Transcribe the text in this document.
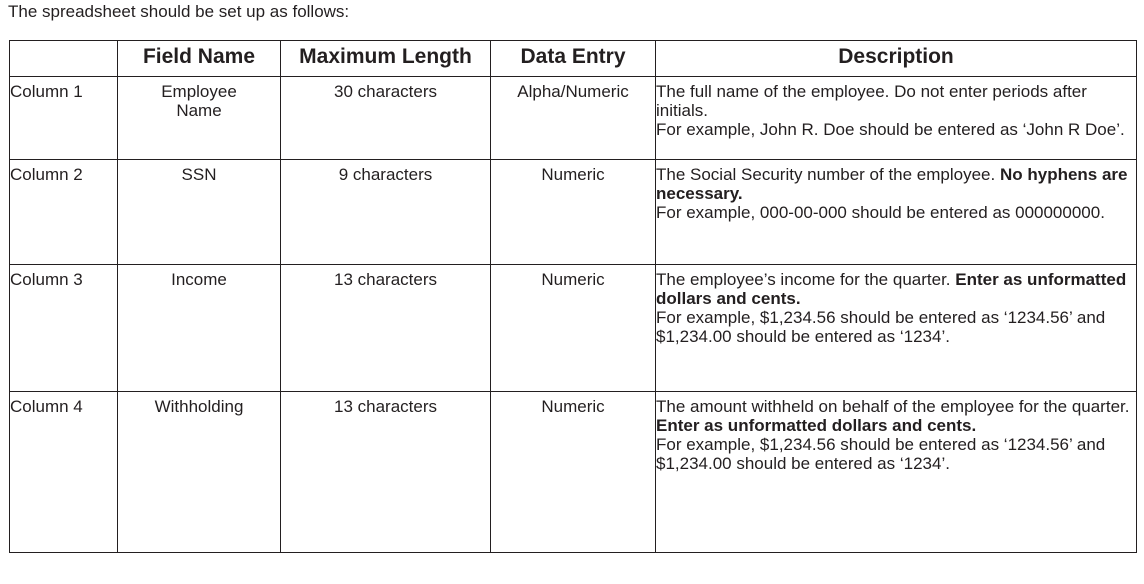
The spreadsheet should be set up as follows:

	Field Name	Maximum Length	Data Entry	Description
Column 1	Employee Name	30 characters	Alpha/Numeric	The full name of the employee. Do not enter periods after initials.
For example, John R. Doe should be entered as ‘John R Doe’.

Column 2	SSN	9 characters	Numeric	The Social Security number of the employee. No hyphens are necessary.
For example, 000-00-000 should be entered as 000000000.

Column 3	Income	13 characters	Numeric	The employee’s income for the quarter. Enter as unformatted dollars and cents.
For example, $1,234.56 should be entered as ‘1234.56’ and $1,234.00 should be entered as ‘1234’.

Column 4	Withholding	13 characters	Numeric	The amount withheld on behalf of the employee for the quarter. Enter as unformatted dollars and cents.
For example, $1,234.56 should be entered as ‘1234.56’ and $1,234.00 should be entered as ‘1234’.
